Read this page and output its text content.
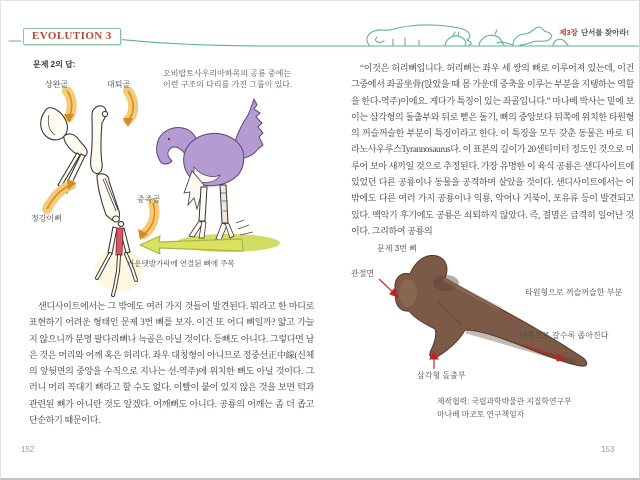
EVOLUTION 3	제3장 단서를 찾아라!
문제 2의 답:
상완골	대퇴골
정강이뻐
중족골
오비랍토사우리아하목의 공룡 중에는
이런 구조의 다리를 가진 그룹이 있다.
가운뎃발가락에 연결된 뼈에 주목
샌디사이트에서는 그 밖에도 여러 가지 것들이 발견된다. 뭐라고 한 마디로 표현하기 어려운 형태인 문제 3번 뼈를 보자. 이건 또 어디 뼈일까? 얇고 가늘지 않으니까 분명 팔다리뼈나 늑골은 아닐 것이다. 등뼈도 아니다. 그렇다면 남은 것은 머리와 어깨 혹은 허리다. 좌우 대칭형이 아니므로 정중선正中線(신체의 앞뒷면의 중앙을 수직으로 지나는 선-역주)에 위치한 뼈도 아닐 것이다. 그러니 머리 꼭대기 뼈라고 할 수도 없다. 이빨이 붙어 있지 않은 것을 보면 턱과 관련된 뼈가 아니란 것도 알겠다. 어깨뼈도 아니다. 공룡의 어깨는 좀 더 좁고 단순하기 때문이다.
152
“이것은 허리뼈입니다. 허리뼈는 좌우 세 쌍의 뼈로 이루어져 있는데, 이건 그중에서 좌골坐骨(앉았을 때 몸 가운데 중축을 이루는 부분을 지탱하는 역할을 한다-역주)이에요. 게다가 특징이 있는 좌골입니다.” 마나베 박사는 밑에 보이는 삼각형의 돌출부와 뒤로 뻗은 돌기, 뼈의 중앙보다 뒤쪽에 위치한 타원형의 꺼슬꺼슬한 부분이 특징이라고 한다. 이 특징을 모두 갖춘 동물은 바로 티라노사우루스Tyrannosaurus다. 이 표본의 길이가 20센티미터 정도인 것으로 미루어 보아 새끼일 것으로 추정된다. 가장 유명한 이 육식 공룡은 샌디사이트에 있었던 다른 공룡이나 동물을 공격하며 살았을 것이다. 샌디사이트에서는 이 밖에도 다른 여러 가지 공룡이나 익룡, 악어나 거북이, 포유류 등이 발견되고 있다. 백악기 후기에도 공룡은 쇠퇴하지 않았다. 즉, 절멸은 급격히 일어난 것이다. 그리하여 공룡의
문제 3번 뼈
관절면
타원형으로 꺼슬꺼슬한 부분
이쪽으로 갈수록 좁아진다
삼각형 돌출부
제작협력: 국립과학박물관 지질학연구부
마나베 마코토 연구책임자
153
